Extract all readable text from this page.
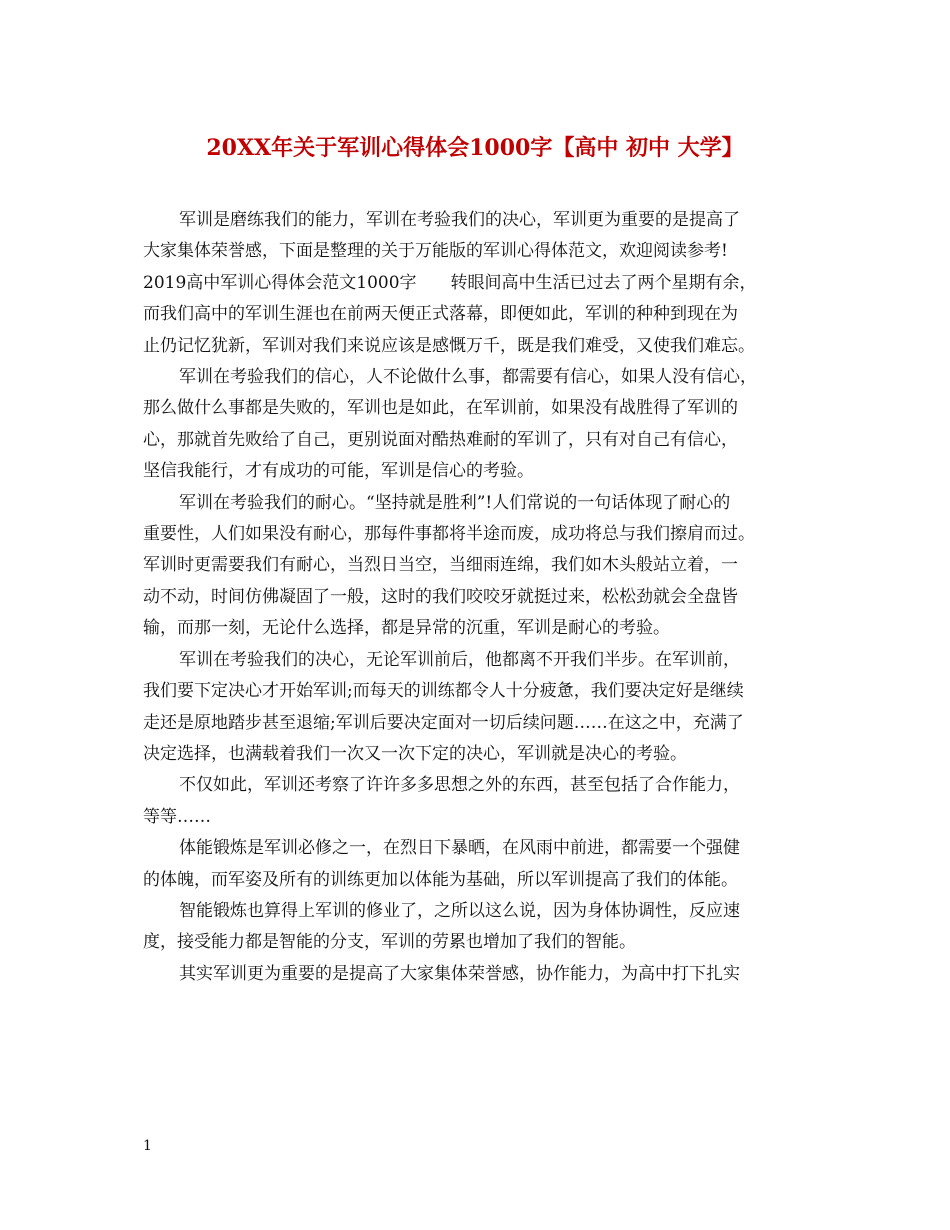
20XX年关于军训心得体会1000字【高中 初中 大学】
军训是磨练我们的能力，军训在考验我们的决心，军训更为重要的是提高了
大家集体荣誉感，下面是整理的关于万能版的军训心得体范文，欢迎阅读参考!
2019高中军训心得体会范文1000字　　转眼间高中生活已过去了两个星期有余，
而我们高中的军训生涯也在前两天便正式落幕，即便如此，军训的种种到现在为
止仍记忆犹新，军训对我们来说应该是感慨万千，既是我们难受，又使我们难忘。
军训在考验我们的信心，人不论做什么事，都需要有信心，如果人没有信心，
那么做什么事都是失败的，军训也是如此，在军训前，如果没有战胜得了军训的
心，那就首先败给了自己，更别说面对酷热难耐的军训了，只有对自己有信心，
坚信我能行，才有成功的可能，军训是信心的考验。
军训在考验我们的耐心。“坚持就是胜利”!人们常说的一句话体现了耐心的
重要性，人们如果没有耐心，那每件事都将半途而废，成功将总与我们擦肩而过。
军训时更需要我们有耐心，当烈日当空，当细雨连绵，我们如木头般站立着，一
动不动，时间仿佛凝固了一般，这时的我们咬咬牙就挺过来，松松劲就会全盘皆
输，而那一刻，无论什么选择，都是异常的沉重，军训是耐心的考验。
军训在考验我们的决心，无论军训前后，他都离不开我们半步。在军训前，
我们要下定决心才开始军训;而每天的训练都令人十分疲惫，我们要决定好是继续
走还是原地踏步甚至退缩;军训后要决定面对一切后续问题……在这之中，充满了
决定选择，也满载着我们一次又一次下定的决心，军训就是决心的考验。
不仅如此，军训还考察了许许多多思想之外的东西，甚至包括了合作能力，
等等……
体能锻炼是军训必修之一，在烈日下暴晒，在风雨中前进，都需要一个强健
的体魄，而军姿及所有的训练更加以体能为基础，所以军训提高了我们的体能。
智能锻炼也算得上军训的修业了，之所以这么说，因为身体协调性，反应速
度，接受能力都是智能的分支，军训的劳累也增加了我们的智能。
其实军训更为重要的是提高了大家集体荣誉感，协作能力，为高中打下扎实
1
